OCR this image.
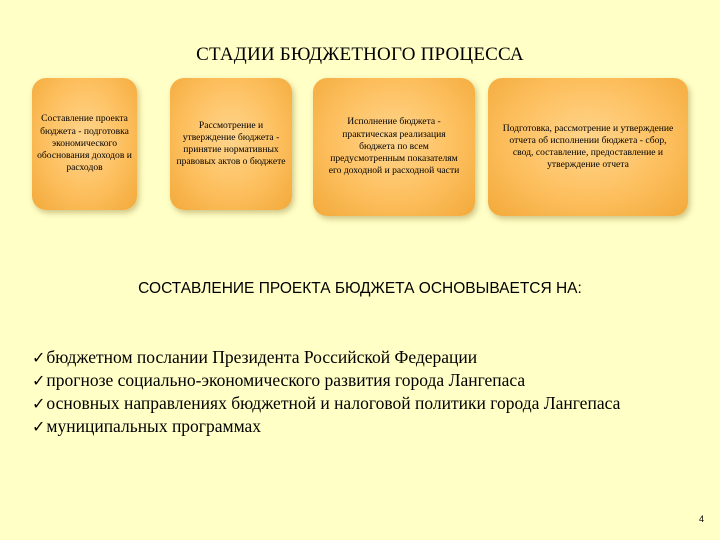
СТАДИИ БЮДЖЕТНОГО ПРОЦЕССА
Составление проекта бюджета - подготовка экономического обоснования доходов и расходов
Рассмотрение и утверждение бюджета - принятие нормативных правовых актов о бюджете
Исполнение бюджета - практическая реализация бюджета по всем предусмотренным показателям его доходной и расходной части
Подготовка, рассмотрение и утверждение отчета об исполнении бюджета - сбор, свод, составление, предоставление и утверждение отчета
СОСТАВЛЕНИЕ ПРОЕКТА БЮДЖЕТА ОСНОВЫВАЕТСЯ НА:
✓бюджетном послании Президента Российской Федерации
✓прогнозе социально-экономического развития города Лангепаса
✓основных направлениях бюджетной и налоговой политики города Лангепаса
✓муниципальных программах
4
